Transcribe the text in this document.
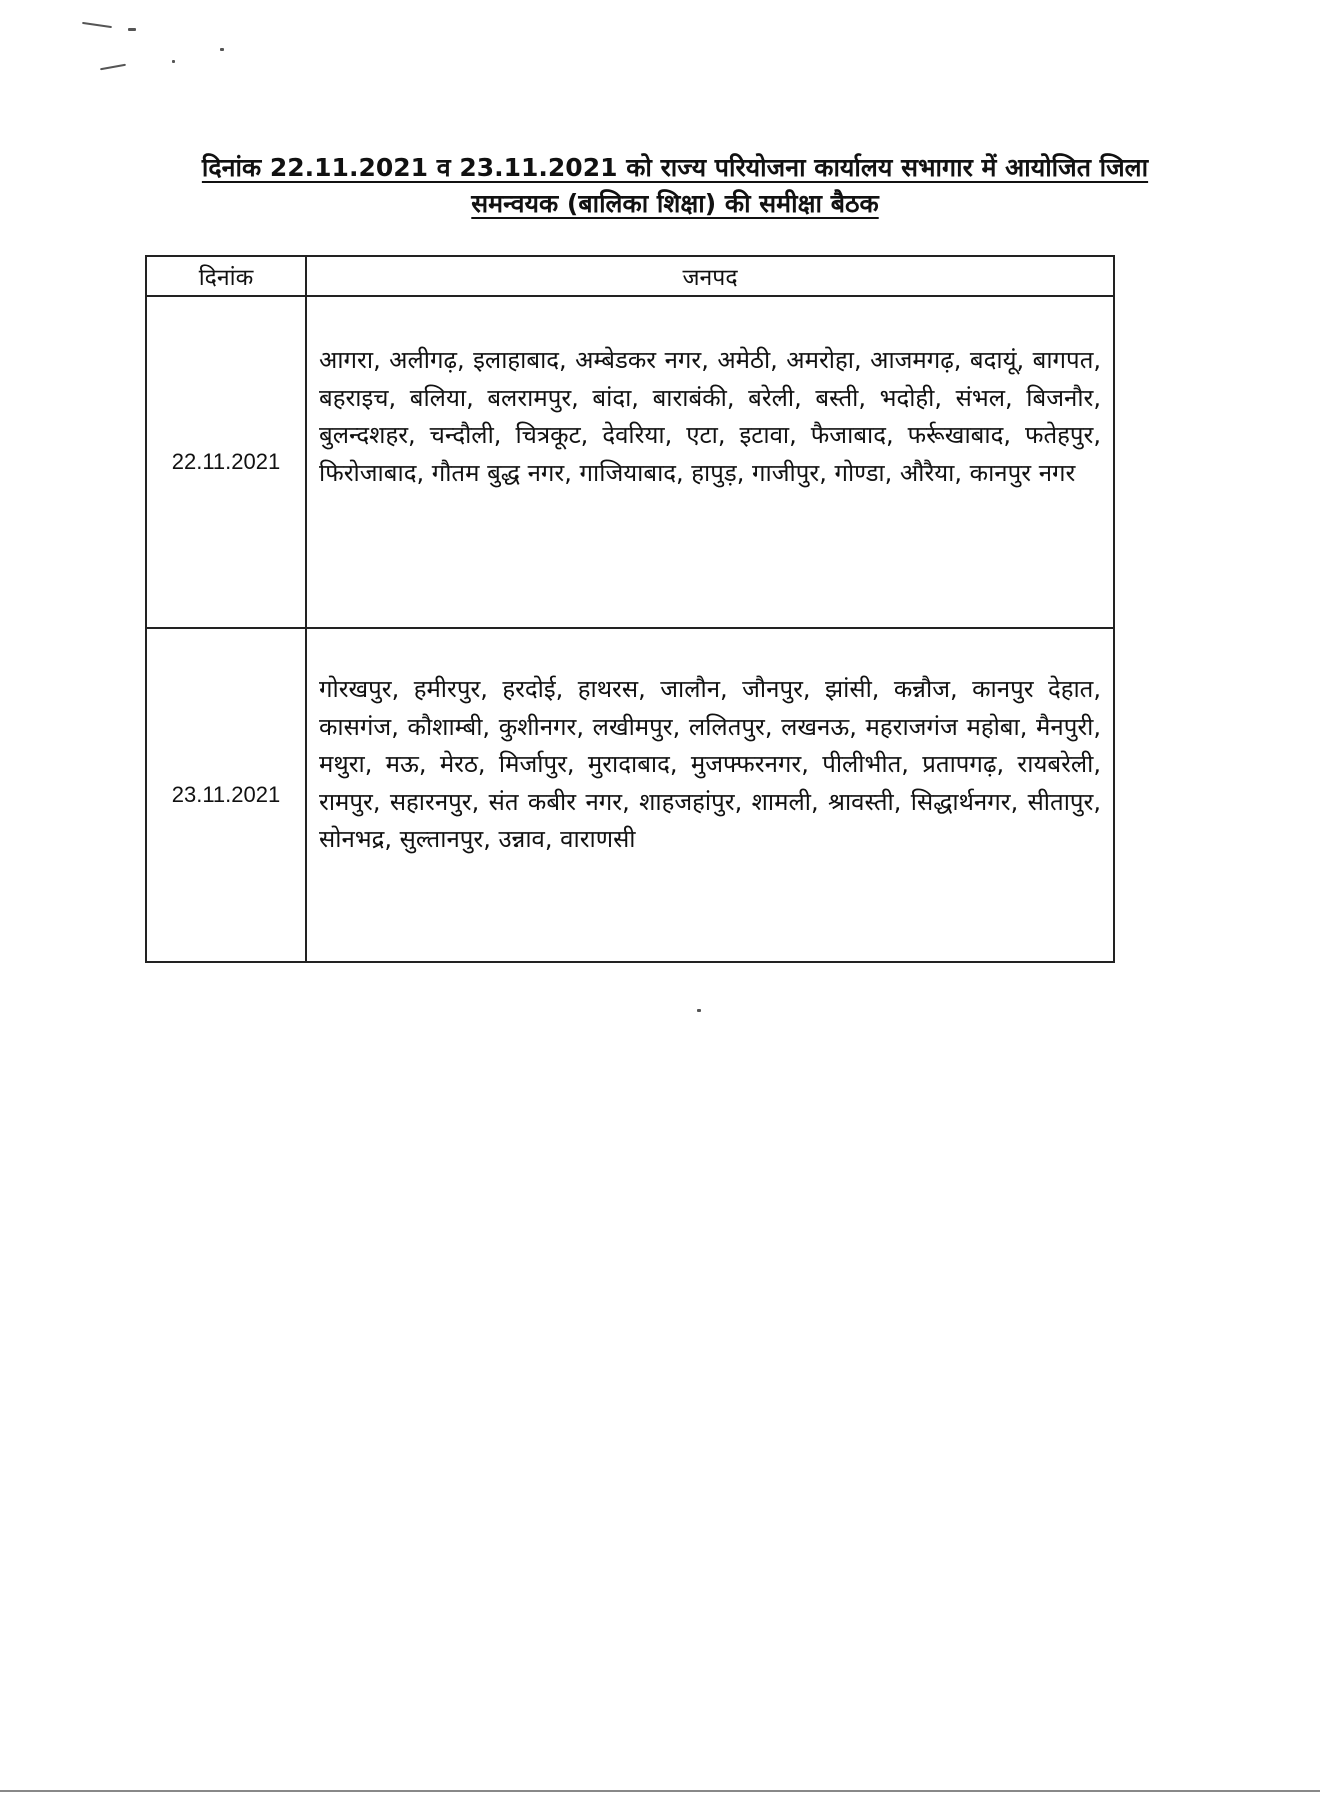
दिनांक 22.11.2021 व 23.11.2021 को राज्य परियोजना कार्यालय सभागार में आयोजित जिला
समन्वयक (बालिका शिक्षा) की समीक्षा बैठक
दिनांक	जनपद
22.11.2021	आगरा, अलीगढ़, इलाहाबाद, अम्बेडकर नगर, अमेठी, अमरोहा, आजमगढ़, बदायूं, बागपत, बहराइच, बलिया, बलरामपुर, बांदा, बाराबंकी, बरेली, बस्ती, भदोही, संभल, बिजनौर, बुलन्दशहर, चन्दौली, चित्रकूट, देवरिया, एटा, इटावा, फैजाबाद, फर्रूखाबाद, फतेहपुर, फिरोजाबाद, गौतम बुद्ध नगर, गाजियाबाद, हापुड़, गाजीपुर, गोण्डा, औरैया, कानपुर नगर
23.11.2021	गोरखपुर, हमीरपुर, हरदोई, हाथरस, जालौन, जौनपुर, झांसी, कन्नौज, कानपुर देहात, कासगंज, कौशाम्बी, कुशीनगर, लखीमपुर, ललितपुर, लखनऊ, महराजगंज महोबा, मैनपुरी, मथुरा, मऊ, मेरठ, मिर्जापुर, मुरादाबाद, मुजफ्फरनगर, पीलीभीत, प्रतापगढ़, रायबरेली, रामपुर, सहारनपुर, संत कबीर नगर, शाहजहांपुर, शामली, श्रावस्ती, सिद्धार्थनगर, सीतापुर, सोनभद्र, सुल्तानपुर, उन्नाव, वाराणसी
